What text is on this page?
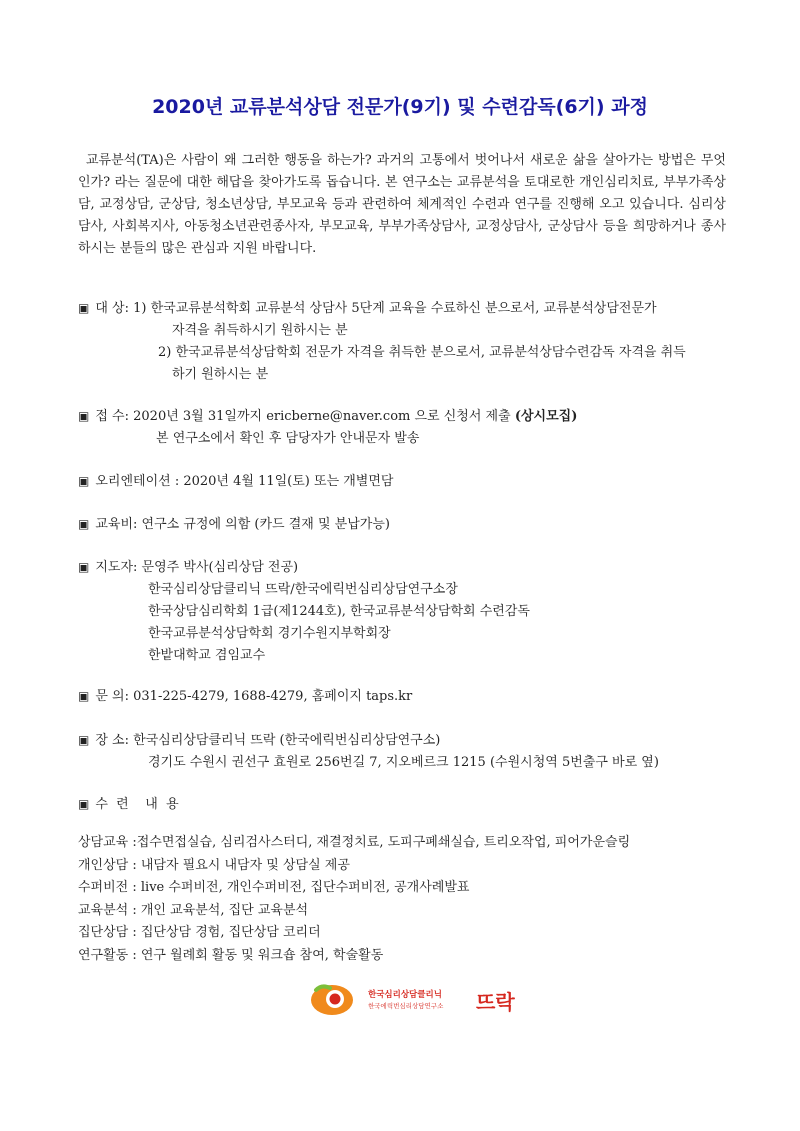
2020년 교류분석상담 전문가(9기) 및 수련감독(6기) 과정
교류분석(TA)은 사람이 왜 그러한 행동을 하는가? 과거의 고통에서 벗어나서 새로운 삶을 살아가는 방법은 무엇인가? 라는 질문에 대한 해답을 찾아가도록 돕습니다. 본 연구소는 교류분석을 토대로한 개인심리치료, 부부가족상담, 교정상담, 군상담, 청소년상담, 부모교육 등과 관련하여 체계적인 수련과 연구를 진행해 오고 있습니다. 심리상담사, 사회복지사, 아동청소년관련종사자, 부모교육, 부부가족상담사, 교정상담사, 군상담사 등을 희망하거나 종사하시는 분들의 많은 관심과 지원 바랍니다.
▣ 대 상: 1) 한국교류분석학회 교류분석 상담사 5단계 교육을 수료하신 분으로서, 교류분석상담전문가
자격을 취득하시기 원하시는 분
2) 한국교류분석상담학회 전문가 자격을 취득한 분으로서, 교류분석상담수련감독 자격을 취득
하기 원하시는 분
▣ 접 수: 2020년 3월 31일까지 ericberne@naver.com 으로 신청서 제출 (상시모집)
본 연구소에서 확인 후 담당자가 안내문자 발송
▣ 오리엔테이션 : 2020년 4월 11일(토) 또는 개별면담
▣ 교육비: 연구소 규정에 의함 (카드 결재 및 분납가능)
▣ 지도자: 문영주 박사(심리상담 전공)
한국심리상담클리닉 뜨락/한국에릭번심리상담연구소장
한국상담심리학회 1급(제1244호), 한국교류분석상담학회 수련감독
한국교류분석상담학회 경기수원지부학회장
한밭대학교 겸임교수
▣ 문 의: 031-225-4279, 1688-4279, 홈페이지 taps.kr
▣ 장 소: 한국심리상담클리닉 뜨락 (한국에릭번심리상담연구소)
경기도 수원시 권선구 효원로 256번길 7, 지오베르크 1215 (수원시청역 5번출구 바로 옆)
▣ 수  련    내  용
상담교육 :접수면접실습, 심리검사스터디, 재결정치료, 도피구폐쇄실습, 트리오작업, 피어가운슬링
개인상담 : 내담자 필요시 내담자 및 상담실 제공
수퍼비전 : live 수퍼비전, 개인수퍼비전, 집단수퍼비전, 공개사례발표
교육분석 : 개인 교육분석, 집단 교육분석
집단상담 : 집단상담 경험, 집단상담 코리더
연구활동 : 연구 월례회 활동 및 워크숍 참여, 학술활동
한국심리상담클리닉
한국에릭번심리상담연구소 뜨락
